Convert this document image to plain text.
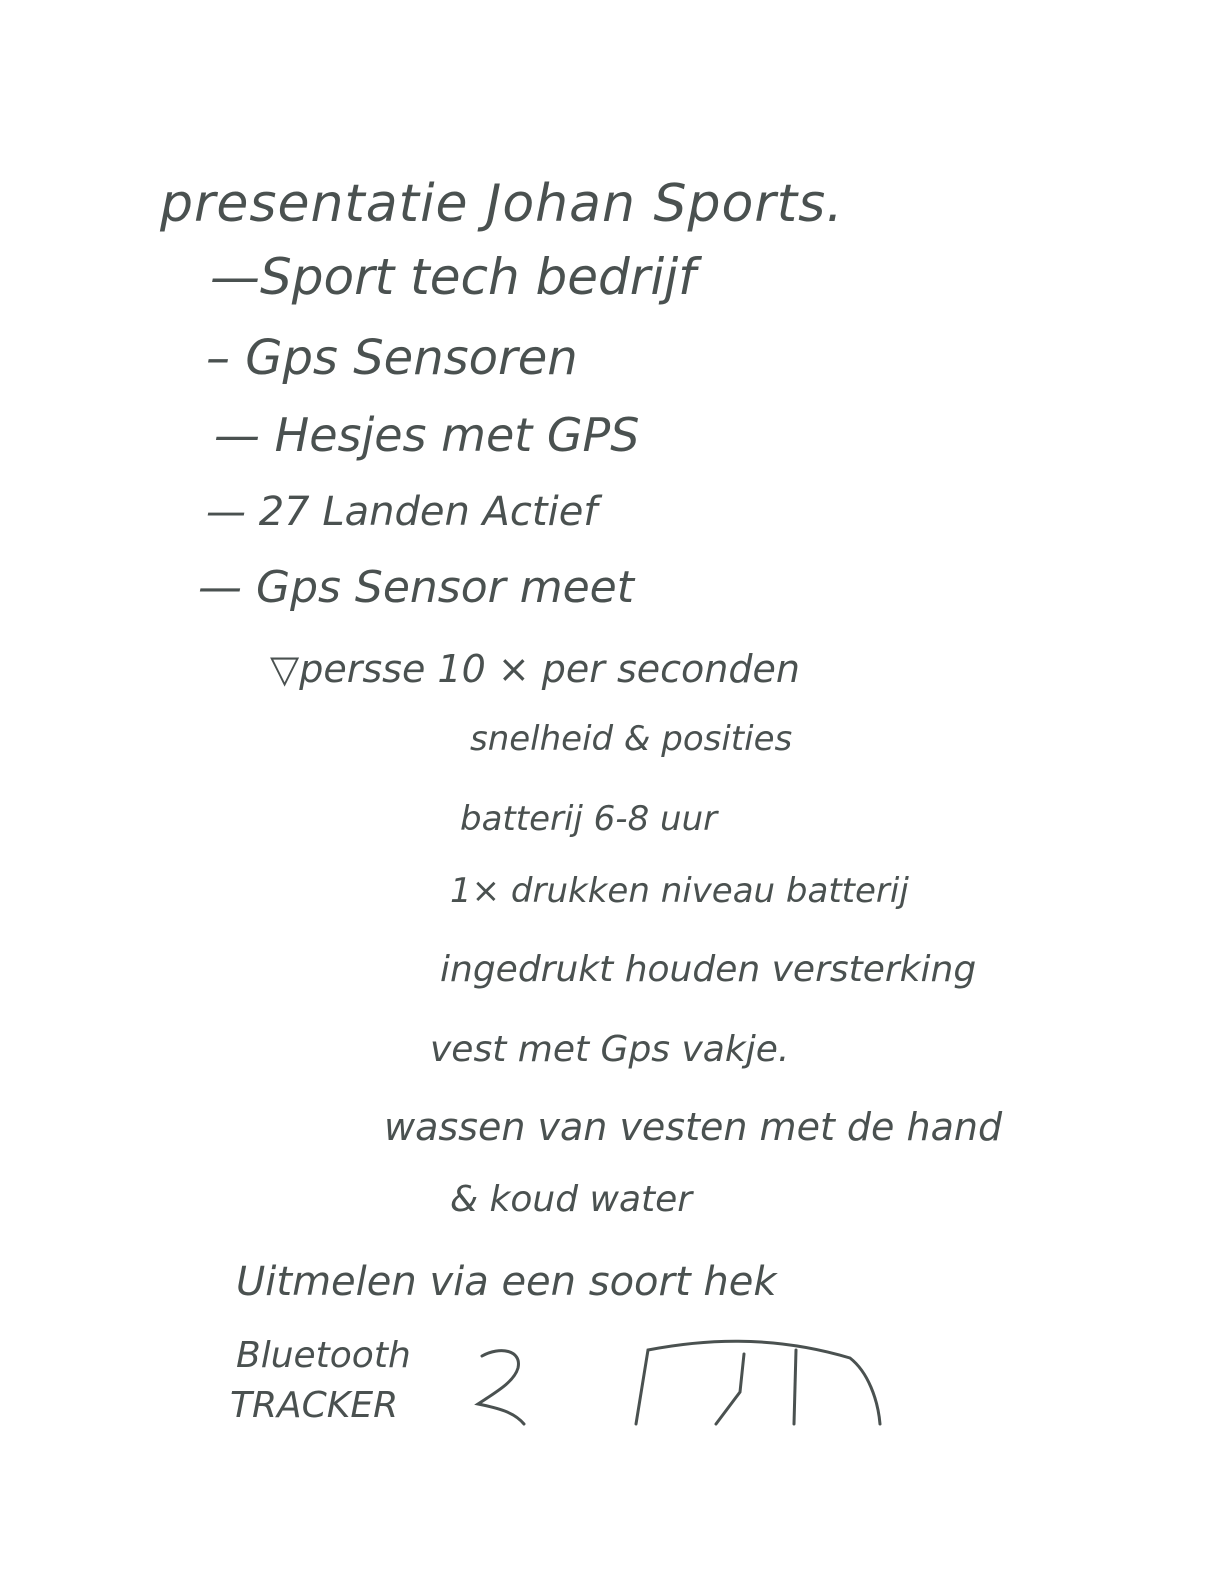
presentatie Johan Sports.
—Sport tech bedrijf
– Gps Sensoren
— Hesjes met GPS
— 27 Landen Actief
— Gps Sensor meet
▽persse 10 × per seconden
snelheid & posities
batterij 6-8 uur
1× drukken niveau batterij
ingedrukt houden versterking
vest met Gps vakje.
wassen van vesten met de hand
& koud water
Uitmelen via een soort hek
Bluetooth
TRACKER
